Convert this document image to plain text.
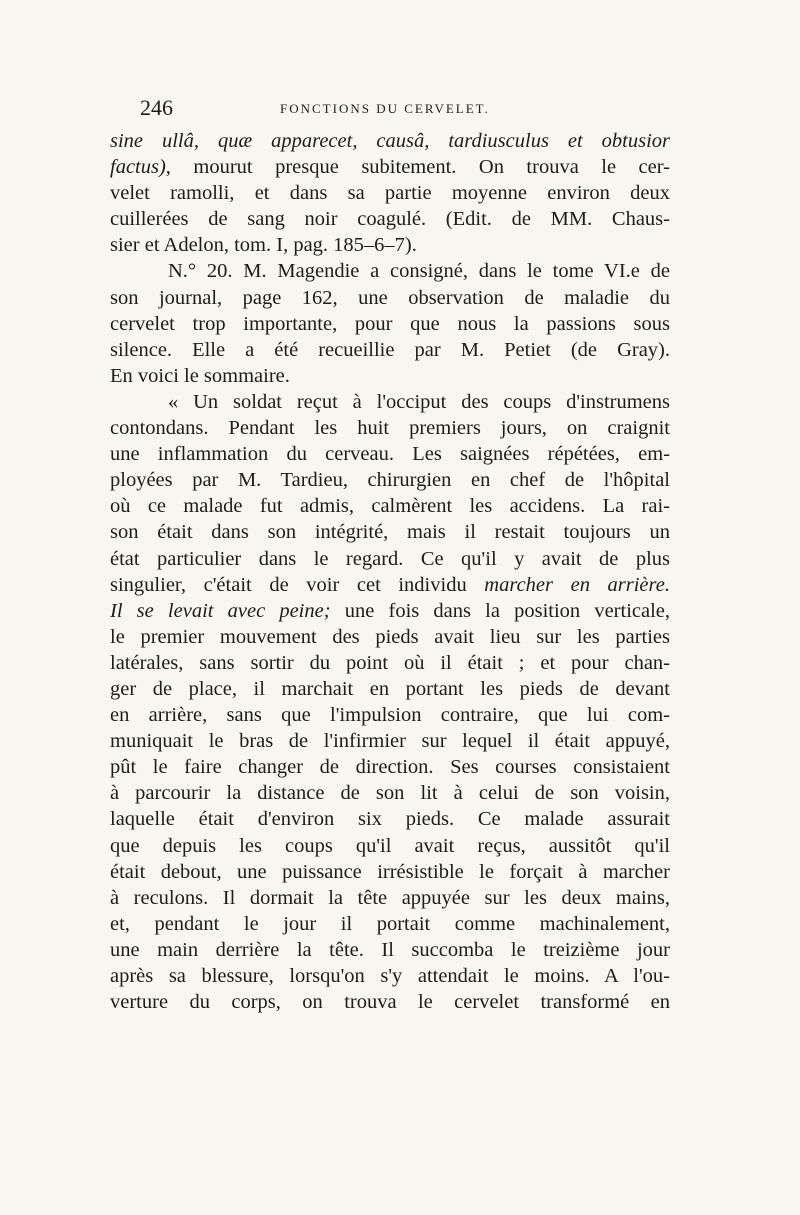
246	FONCTIONS DU CERVELET.
sine ullâ, quæ apparecet, causâ, tardiusculus et obtusior
factus), mourut presque subitement. On trouva le cer-
velet ramolli, et dans sa partie moyenne environ deux
cuillerées de sang noir coagulé. (Edit. de MM. Chaus-
sier et Adelon, tom. I, pag. 185–6–7).
N.° 20. M. Magendie a consigné, dans le tome VI.e de
son journal, page 162, une observation de maladie du
cervelet trop importante, pour que nous la passions sous
silence. Elle a été recueillie par M. Petiet (de Gray).
En voici le sommaire.
« Un soldat reçut à l'occiput des coups d'instrumens
contondans. Pendant les huit premiers jours, on craignit
une inflammation du cerveau. Les saignées répétées, em-
ployées par M. Tardieu, chirurgien en chef de l'hôpital
où ce malade fut admis, calmèrent les accidens. La rai-
son était dans son intégrité, mais il restait toujours un
état particulier dans le regard. Ce qu'il y avait de plus
singulier, c'était de voir cet individu marcher en arrière.
Il se levait avec peine; une fois dans la position verticale,
le premier mouvement des pieds avait lieu sur les parties
latérales, sans sortir du point où il était ; et pour chan-
ger de place, il marchait en portant les pieds de devant
en arrière, sans que l'impulsion contraire, que lui com-
muniquait le bras de l'infirmier sur lequel il était appuyé,
pût le faire changer de direction. Ses courses consistaient
à parcourir la distance de son lit à celui de son voisin,
laquelle était d'environ six pieds. Ce malade assurait
que depuis les coups qu'il avait reçus, aussitôt qu'il
était debout, une puissance irrésistible le forçait à marcher
à reculons. Il dormait la tête appuyée sur les deux mains,
et, pendant le jour il portait comme machinalement,
une main derrière la tête. Il succomba le treizième jour
après sa blessure, lorsqu'on s'y attendait le moins. A l'ou-
verture du corps, on trouva le cervelet transformé en
